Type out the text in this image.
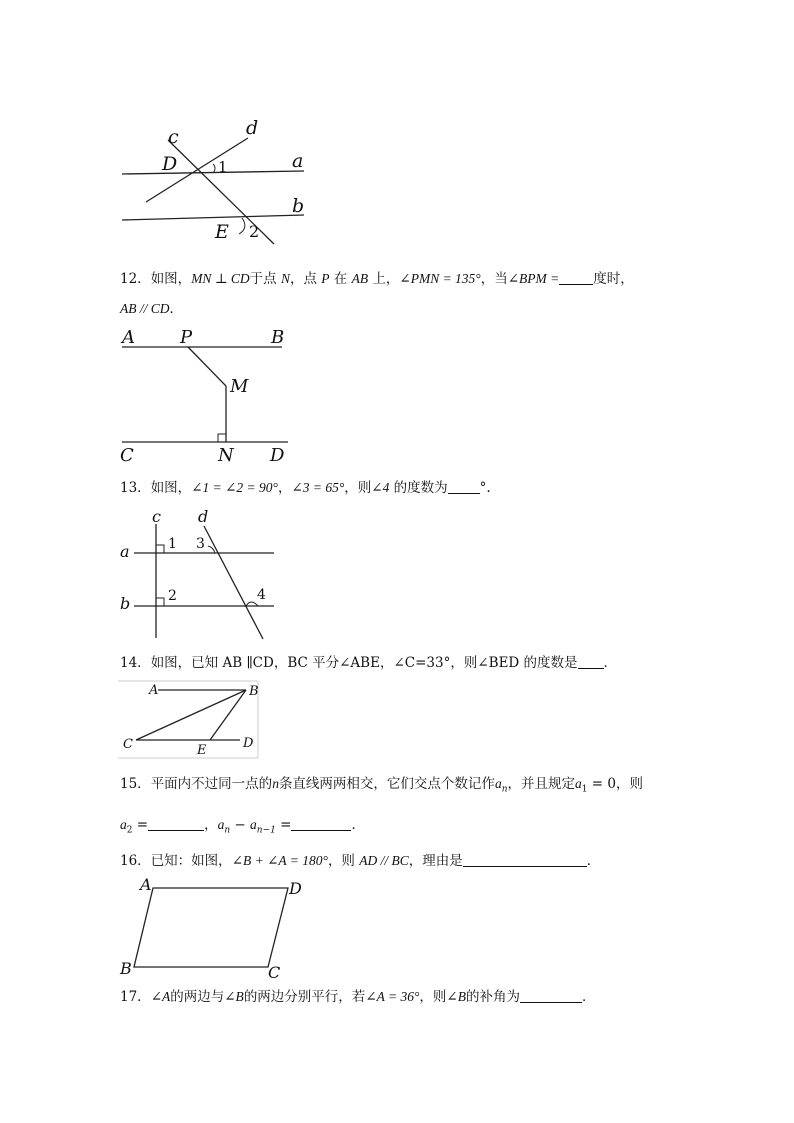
c	d
D	1	a
b
E 2
12．如图，MN ⊥ CD于点 N，点 P 在 AB 上，∠PMN = 135°，当∠BPM =	度时，
AB // CD．
A	P	B
M
C	N D
13．如图，∠1 = ∠2 = 90°，∠3 = 65°，则∠4 的度数为 °.
c d
a
b
1 3
2	4
14．如图，已知 AB ∥CD，BC 平分∠ABE，∠C=33°，则∠BED 的度数是 ．
A	B
C	E	D
15．平面内不过同一点的n条直线两两相交，它们交点个数记作$a_n$，并且规定$a_1 = 0$，则
$a_2$ =	，$a_n - a_{n-1}$ =	．
16．已知：如图，∠B + ∠A = 180°，则 AD // BC，理由是	．
A	D
B	C
17．∠A的两边与∠B的两边分别平行，若∠A = 36°，则∠B的补角为	．
